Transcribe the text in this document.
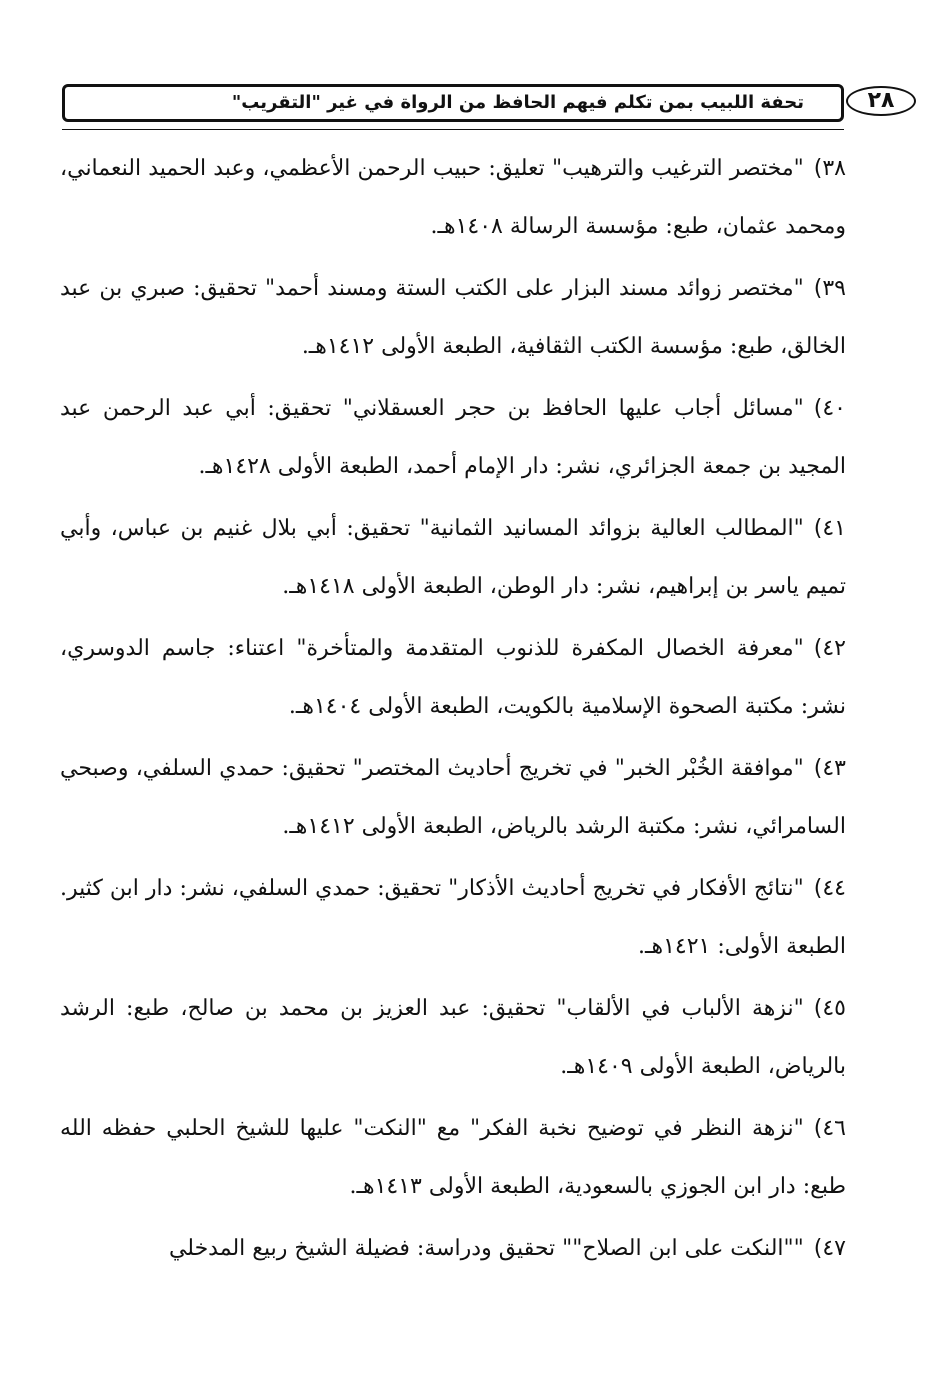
٢٨
تحفة اللبيب بمن تكلم فيهم الحافظ من الرواة في غير "التقريب"

٣٨)"مختصر الترغيب والترهيب" تعليق: حبيب الرحمن الأعظمي، وعبد الحميد النعماني، ومحمد عثمان، طبع: مؤسسة الرسالة ١٤٠٨هـ.

٣٩)"مختصر زوائد مسند البزار على الكتب الستة ومسند أحمد" تحقيق: صبري بن عبد الخالق، طبع: مؤسسة الكتب الثقافية، الطبعة الأولى ١٤١٢هـ.

٤٠)"مسائل أجاب عليها الحافظ بن حجر العسقلاني" تحقيق: أبي عبد الرحمن عبد المجيد بن جمعة الجزائري، نشر: دار الإمام أحمد، الطبعة الأولى ١٤٢٨هـ.

٤١)"المطالب العالية بزوائد المسانيد الثمانية" تحقيق: أبي بلال غنيم بن عباس، وأبي تميم ياسر بن إبراهيم، نشر: دار الوطن، الطبعة الأولى ١٤١٨هـ.

٤٢)"معرفة الخصال المكفرة للذنوب المتقدمة والمتأخرة" اعتناء: جاسم الدوسري، نشر: مكتبة الصحوة الإسلامية بالكويت، الطبعة الأولى ١٤٠٤هـ.

٤٣)"موافقة الخُبْر الخبر" في تخريج أحاديث المختصر" تحقيق: حمدي السلفي، وصبحي السامرائي، نشر: مكتبة الرشد بالرياض، الطبعة الأولى ١٤١٢هـ.

٤٤)"نتائج الأفكار في تخريج أحاديث الأذكار" تحقيق: حمدي السلفي، نشر: دار ابن كثير. الطبعة الأولى: ١٤٢١هـ.

٤٥)"نزهة الألباب في الألقاب" تحقيق: عبد العزيز بن محمد بن صالح، طبع: الرشد بالرياض، الطبعة الأولى ١٤٠٩هـ.

٤٦)"نزهة النظر في توضيح نخبة الفكر" مع "النكت" عليها للشيخ الحلبي حفظه الله طبع: دار ابن الجوزي بالسعودية، الطبعة الأولى ١٤١٣هـ.

٤٧)""النكت على ابن الصلاح"" تحقيق ودراسة: فضيلة الشيخ ربيع المدخلي
